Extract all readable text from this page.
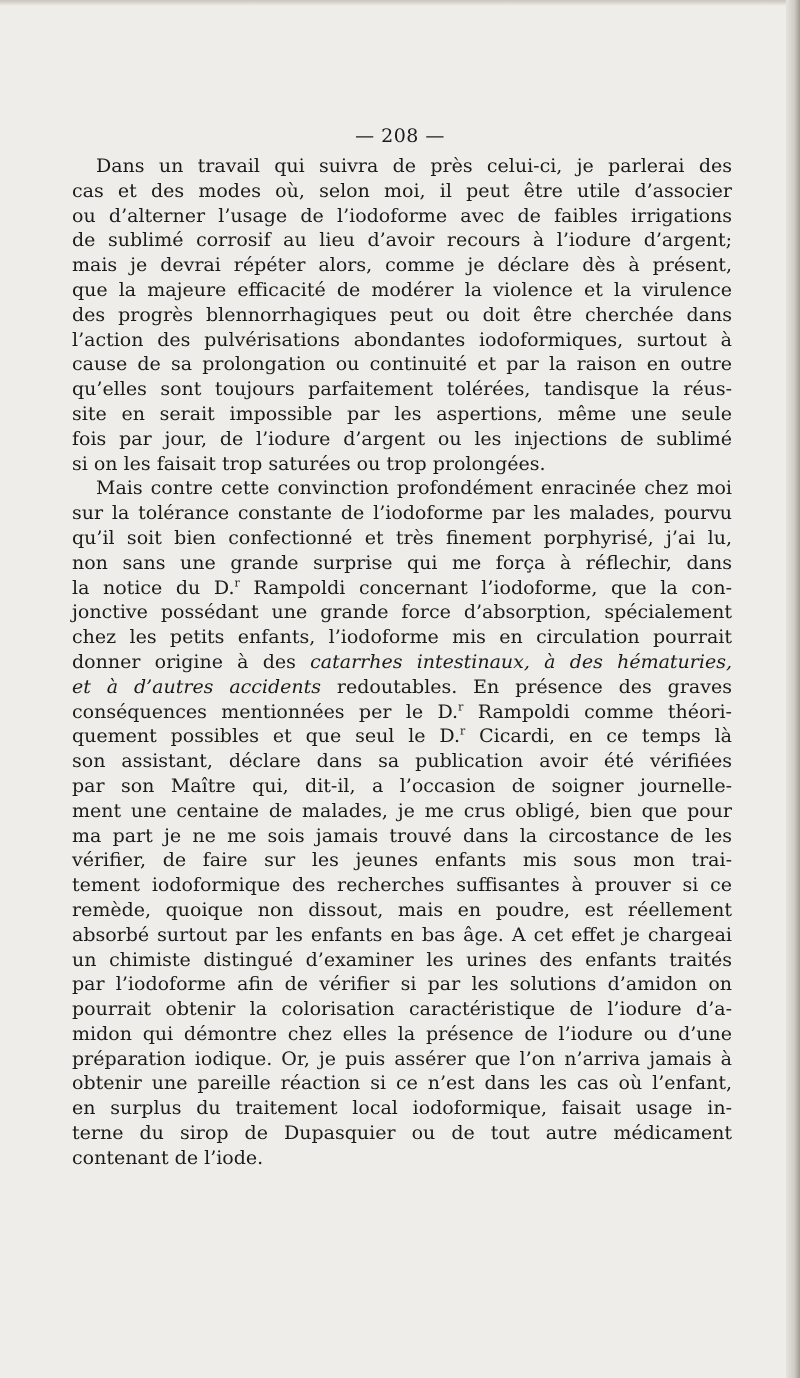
— 208 —
Dans un travail qui suivra de près celui-ci, je parlerai des
cas et des modes où, selon moi, il peut être utile d’associer
ou d’alterner l’usage de l’iodoforme avec de faibles irrigations
de sublimé corrosif au lieu d’avoir recours à l’iodure d’argent;
mais je devrai répéter alors, comme je déclare dès à présent,
que la majeure efficacité de modérer la violence et la virulence
des progrès blennorrhagiques peut ou doit être cherchée dans
l’action des pulvérisations abondantes iodoformiques, surtout à
cause de sa prolongation ou continuité et par la raison en outre
qu’elles sont toujours parfaitement tolérées, tandisque la réus-
site en serait impossible par les aspertions, même une seule
fois par jour, de l’iodure d’argent ou les injections de sublimé
si on les faisait trop saturées ou trop prolongées.
Mais contre cette convinction profondément enracinée chez moi
sur la tolérance constante de l’iodoforme par les malades, pourvu
qu’il soit bien confectionné et très finement porphyrisé, j’ai lu,
non sans une grande surprise qui me força à réflechir, dans
la notice du D.$^r$ Rampoldi concernant l’iodoforme, que la con-
jonctive possédant une grande force d’absorption, spécialement
chez les petits enfants, l’iodoforme mis en circulation pourrait
donner origine à des catarrhes intestinaux, à des hématuries,
et à d’autres accidents redoutables. En présence des graves
conséquences mentionnées per le D.$^r$ Rampoldi comme théori-
quement possibles et que seul le D.$^r$ Cicardi, en ce temps là
son assistant, déclare dans sa publication avoir été vérifiées
par son Maître qui, dit-il, a l’occasion de soigner journelle-
ment une centaine de malades, je me crus obligé, bien que pour
ma part je ne me sois jamais trouvé dans la circostance de les
vérifier, de faire sur les jeunes enfants mis sous mon trai-
tement iodoformique des recherches suffisantes à prouver si ce
remède, quoique non dissout, mais en poudre, est réellement
absorbé surtout par les enfants en bas âge. A cet effet je chargeai
un chimiste distingué d’examiner les urines des enfants traités
par l’iodoforme afin de vérifier si par les solutions d’amidon on
pourrait obtenir la colorisation caractéristique de l’iodure d’a-
midon qui démontre chez elles la présence de l’iodure ou d’une
préparation iodique. Or, je puis assérer que l’on n’arriva jamais à
obtenir une pareille réaction si ce n’est dans les cas où l’enfant,
en surplus du traitement local iodoformique, faisait usage in-
terne du sirop de Dupasquier ou de tout autre médicament
contenant de l’iode.
